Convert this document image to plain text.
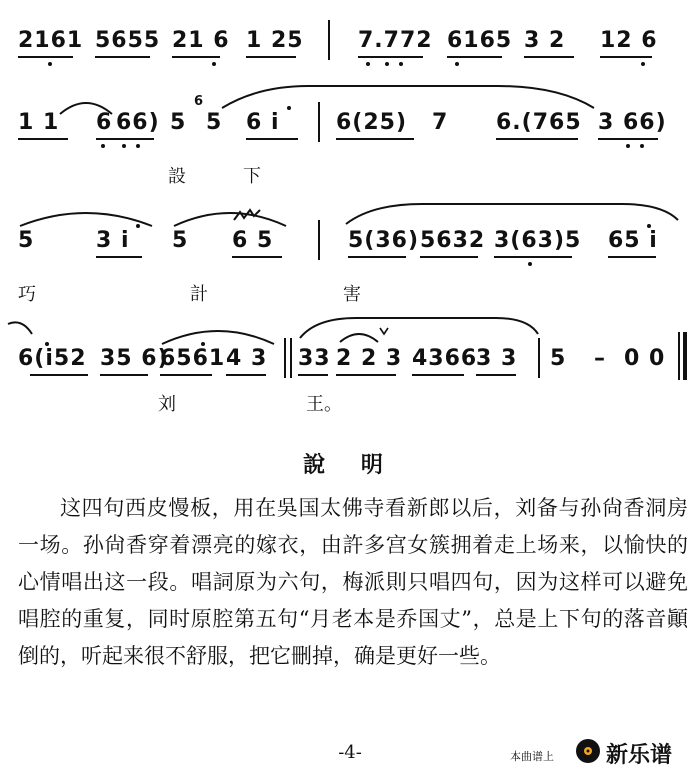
2161 5655 21 6 1 25 7.772 6165 3 2 12 6
1 1 6 66) 5
6
5 6 i	6(25) 7 6.(765 3 66)
設	下
5	3 i 5 6 5	5(36) 5632 3(63)5 65 i
巧	計	害
6(i52 35 6)
6561 4 3 33 2 2 3 4366
3 3 5 – 0 0
刘	王。
說 明

这四句西皮慢板，用在吳国太佛寺看新郎以后，刘备与孙尙香洞房一场。孙尙香穿着漂亮的嫁衣，由許多宫女簇拥着走上场来，以愉快的心情唱出这一段。唱詞原为六句，梅派則只唱四句，因为这样可以避免唱腔的重复，同时原腔第五句“月老本是乔国丈”，总是上下句的落音顚倒的，听起来很不舒服，把它刪掉，确是更好一些。

-4-	本曲谱上 新乐谱
